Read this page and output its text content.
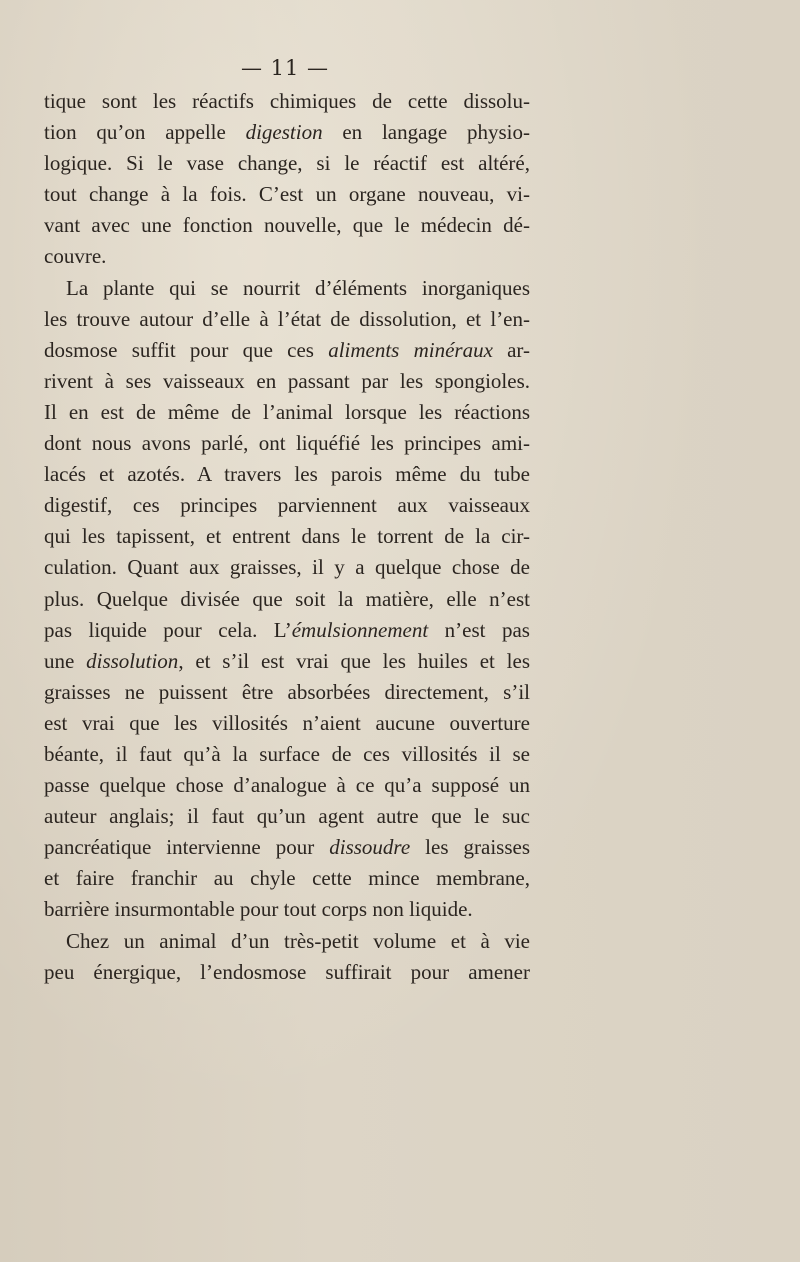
— 11 —
tique sont les réactifs chimiques de cette dissolu-
tion qu’on appelle digestion en langage physio-
logique. Si le vase change, si le réactif est altéré,
tout change à la fois. C’est un organe nouveau, vi-
vant avec une fonction nouvelle, que le médecin dé-
couvre.
La plante qui se nourrit d’éléments inorganiques
les trouve autour d’elle à l’état de dissolution, et l’en-
dosmose suffit pour que ces aliments minéraux ar-
rivent à ses vaisseaux en passant par les spongioles.
Il en est de même de l’animal lorsque les réactions
dont nous avons parlé, ont liquéfié les principes ami-
lacés et azotés. A travers les parois même du tube
digestif, ces principes parviennent aux vaisseaux
qui les tapissent, et entrent dans le torrent de la cir-
culation. Quant aux graisses, il y a quelque chose de
plus. Quelque divisée que soit la matière, elle n’est
pas liquide pour cela. L’émulsionnement n’est pas
une dissolution, et s’il est vrai que les huiles et les
graisses ne puissent être absorbées directement, s’il
est vrai que les villosités n’aient aucune ouverture
béante, il faut qu’à la surface de ces villosités il se
passe quelque chose d’analogue à ce qu’a supposé un
auteur anglais; il faut qu’un agent autre que le suc
pancréatique intervienne pour dissoudre les graisses
et faire franchir au chyle cette mince membrane,
barrière insurmontable pour tout corps non liquide.
Chez un animal d’un très-petit volume et à vie
peu énergique, l’endosmose suffirait pour amener
